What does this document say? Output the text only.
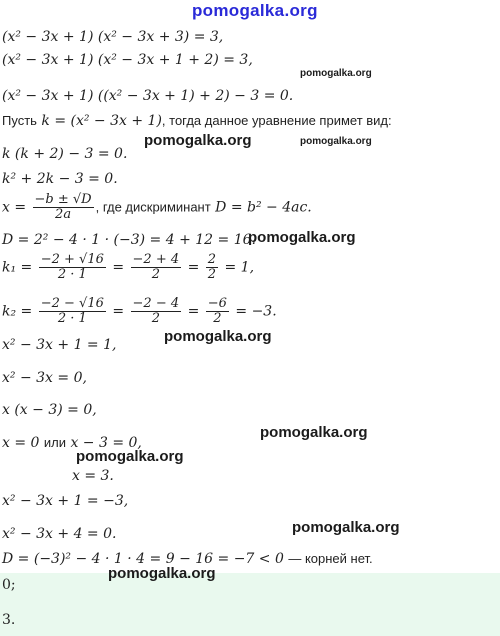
pomogalka.org
(x² − 3x + 1) (x² − 3x + 3) = 3,
(x² − 3x + 1) (x² − 3x + 1 + 2) = 3,
pomogalka.org
(x² − 3x + 1) ((x² − 3x + 1) + 2) − 3 = 0.
Пусть k = (x² − 3x + 1), тогда данное уравнение примет вид:
pomogalka.org	pomogalka.org
k (k + 2) − 3 = 0.
k² + 2k − 3 = 0.
$x = \frac{-b \pm √D}{2a}$ , где дискриминант D = b² − 4ac.
D = 2² − 4 · 1 · (−3) = 4 + 12 = 16.
pomogalka.org
$k_1 = \frac{-2 + √16}{2 \cdot 1} = \frac{-2 + 4}{2} = \frac{2}{2} = 1$,
$k_2 = \frac{-2 - √16}{2 \cdot 1} = \frac{-2 - 4}{2} = \frac{-6}{2} = -3$.
pomogalka.org
x² − 3x + 1 = 1,
x² − 3x = 0,
x (x − 3) = 0,
pomogalka.org
x = 0 или x − 3 = 0,
pomogalka.org
x = 3.
x² − 3x + 1 = −3,
pomogalka.org
x² − 3x + 4 = 0.
D = (−3)² − 4 · 1 · 4 = 9 − 16 = −7 < 0 — корней нет.
0;
3.
pomogalka.org
